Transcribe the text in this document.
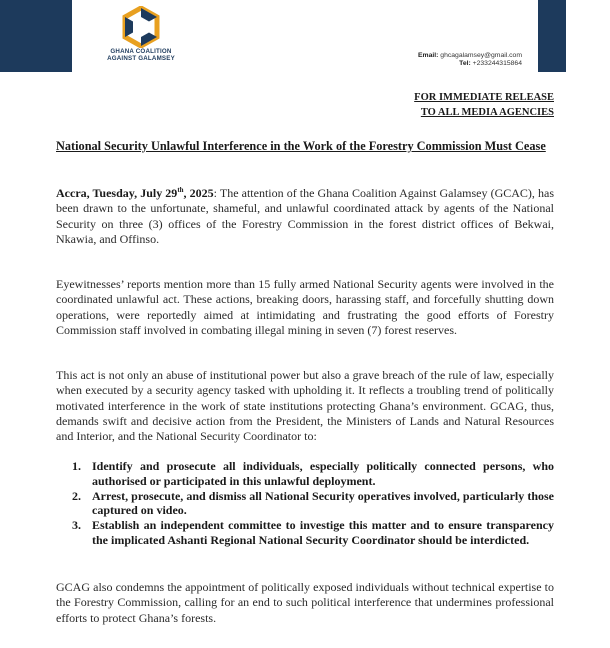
GHANA COALITION
AGAINST GALAMSEY	Email: ghcagalamsey@gmail.com
Tel: +233244315864
FOR IMMEDIATE RELEASE
TO ALL MEDIA AGENCIES
National Security Unlawful Interference in the Work of the Forestry Commission Must Cease

Accra, Tuesday, July 29th, 2025: The attention of the Ghana Coalition Against Galamsey (GCAC), has been drawn to the unfortunate, shameful, and unlawful coordinated attack by agents of the National Security on three (3) offices of the Forestry Commission in the forest district offices of Bekwai, Nkawia, and Offinso.

Eyewitnesses’ reports mention more than 15 fully armed National Security agents were involved in the coordinated unlawful act. These actions, breaking doors, harassing staff, and forcefully shutting down operations, were reportedly aimed at intimidating and frustrating the good efforts of Forestry Commission staff involved in combating illegal mining in seven (7) forest reserves.

This act is not only an abuse of institutional power but also a grave breach of the rule of law, especially when executed by a security agency tasked with upholding it. It reflects a troubling trend of politically motivated interference in the work of state institutions protecting Ghana’s environment. GCAG, thus, demands swift and decisive action from the President, the Ministers of Lands and Natural Resources and Interior, and the National Security Coordinator to:

1. Identify and prosecute all individuals, especially politically connected persons, who authorised or participated in this unlawful deployment.
2. Arrest, prosecute, and dismiss all National Security operatives involved, particularly those captured on video.
3. Establish an independent committee to investige this matter and to ensure transparency the implicated Ashanti Regional National Security Coordinator should be interdicted.

GCAG also condemns the appointment of politically exposed individuals without technical expertise to the Forestry Commission, calling for an end to such political interference that undermines professional efforts to protect Ghana’s forests.
